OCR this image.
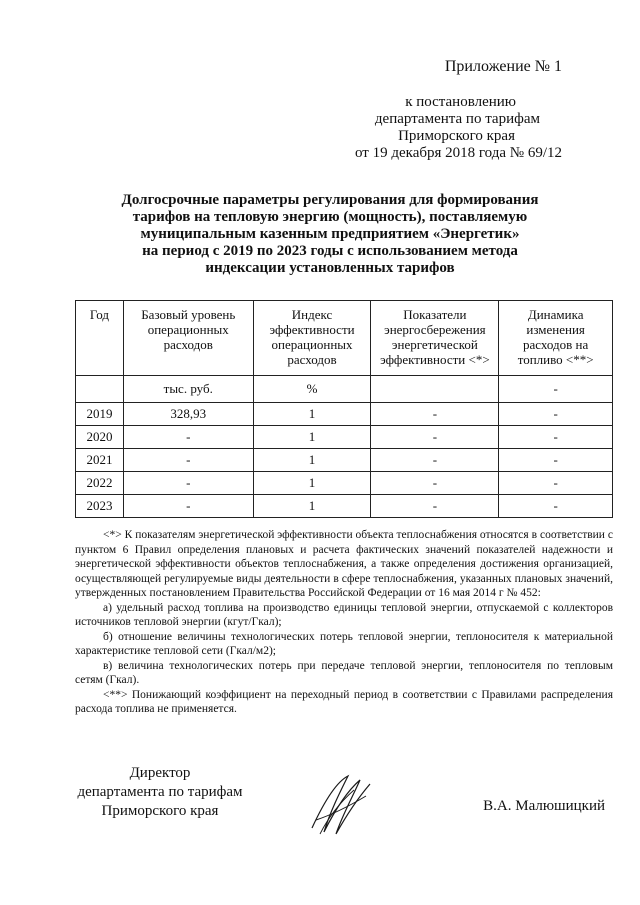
Приложение № 1
к постановлению
департамента по тарифам
Приморского края
от 19 декабря 2018 года № 69/12
Долгосрочные параметры регулирования для формирования
тарифов на тепловую энергию (мощность), поставляемую
муниципальным казенным предприятием «Энергетик»
на период с 2019 по 2023 годы с использованием метода
индексации установленных тарифов
Год	Базовый уровень операционных расходов	Индекс эффективности операционных расходов	Показатели энергосбережения энергетической эффективности <*>	Динамика изменения расходов на топливо <**>
	тыс. руб.	%		-
2019	328,93	1	-	-
2020	-	1	-	-
2021	-	1	-	-
2022	-	1	-	-
2023	-	1	-	-

<*> К показателям энергетической эффективности объекта теплоснабжения относятся в соответствии с пунктом 6 Правил определения плановых и расчета фактических значений показателей надежности и энергетической эффективности объектов теплоснабжения, а также определения достижения организацией, осуществляющей регулируемые виды деятельности в сфере теплоснабжения, указанных плановых значений, утвержденных постановлением Правительства Российской Федерации от 16 мая 2014 г № 452:

а) удельный расход топлива на производство единицы тепловой энергии, отпускаемой с коллекторов источников тепловой энергии (кгут/Гкал);

б) отношение величины технологических потерь тепловой энергии, теплоносителя к материальной характеристике тепловой сети (Гкал/м2);

в) величина технологических потерь при передаче тепловой энергии, теплоносителя по тепловым сетям (Гкал).

<**> Понижающий коэффициент на переходный период в соответствии с Правилами распределения расхода топлива не применяется.

Директор
департамента по тарифам
Приморского края	В.А. Малюшицкий
